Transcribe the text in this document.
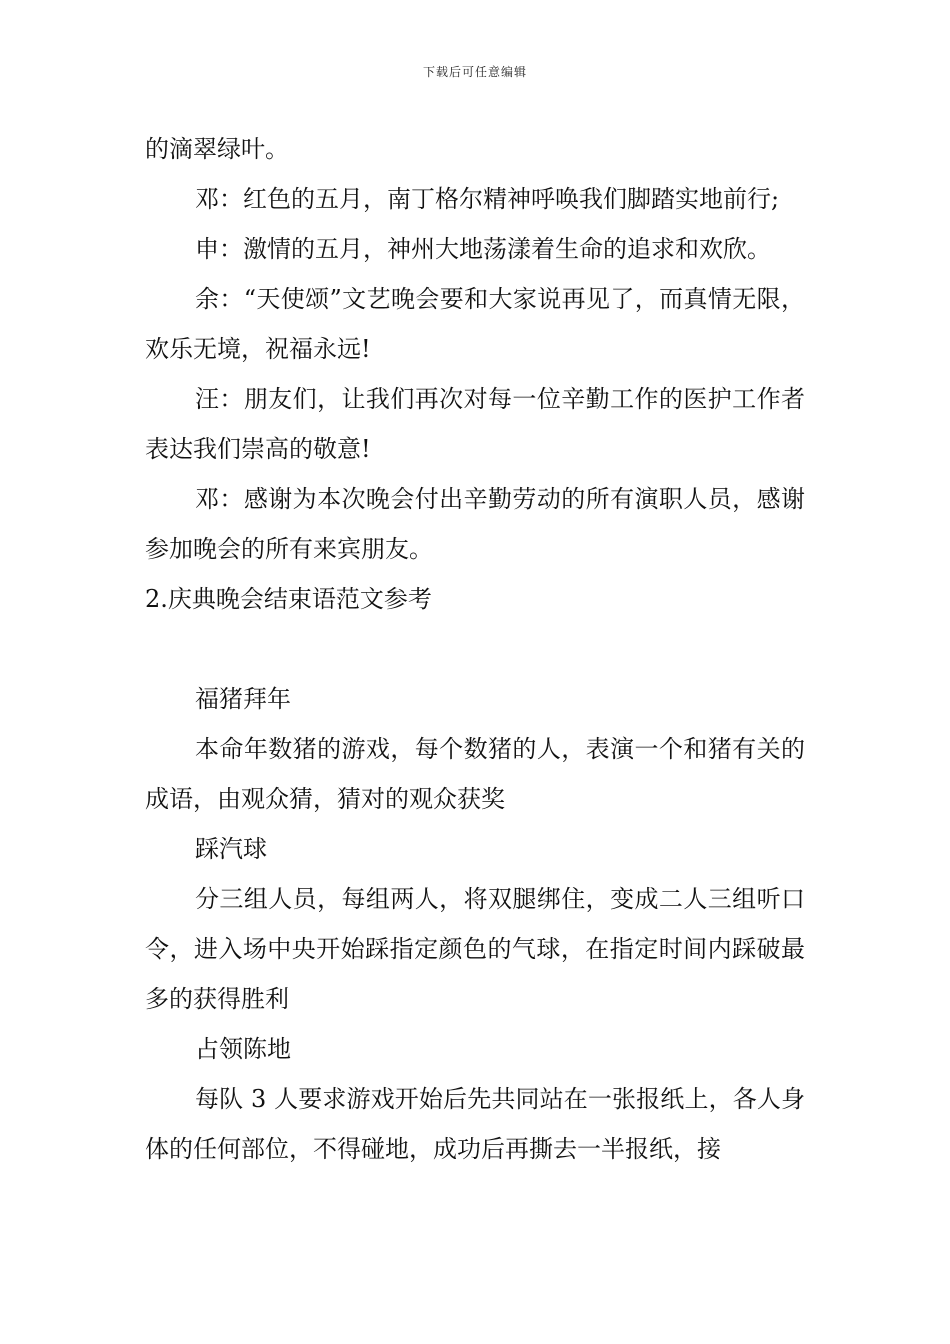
下载后可任意编辑

的滴翠绿叶。

邓：红色的五月，南丁格尔精神呼唤我们脚踏实地前行;

申：激情的五月，神州大地荡漾着生命的追求和欢欣。

余：“天使颂”文艺晚会要和大家说再见了，而真情无限，欢乐无境，祝福永远!

汪：朋友们，让我们再次对每一位辛勤工作的医护工作者表达我们崇高的敬意!

邓：感谢为本次晚会付出辛勤劳动的所有演职人员，感谢参加晚会的所有来宾朋友。

2.庆典晚会结束语范文参考

福猪拜年

本命年数猪的游戏，每个数猪的人，表演一个和猪有关的成语，由观众猜，猜对的观众获奖

踩汽球

分三组人员，每组两人，将双腿绑住，变成二人三组听口令，进入场中央开始踩指定颜色的气球，在指定时间内踩破最多的获得胜利

占领陈地

每队 3 人要求游戏开始后先共同站在一张报纸上，各人身体的任何部位，不得碰地，成功后再撕去一半报纸，接
